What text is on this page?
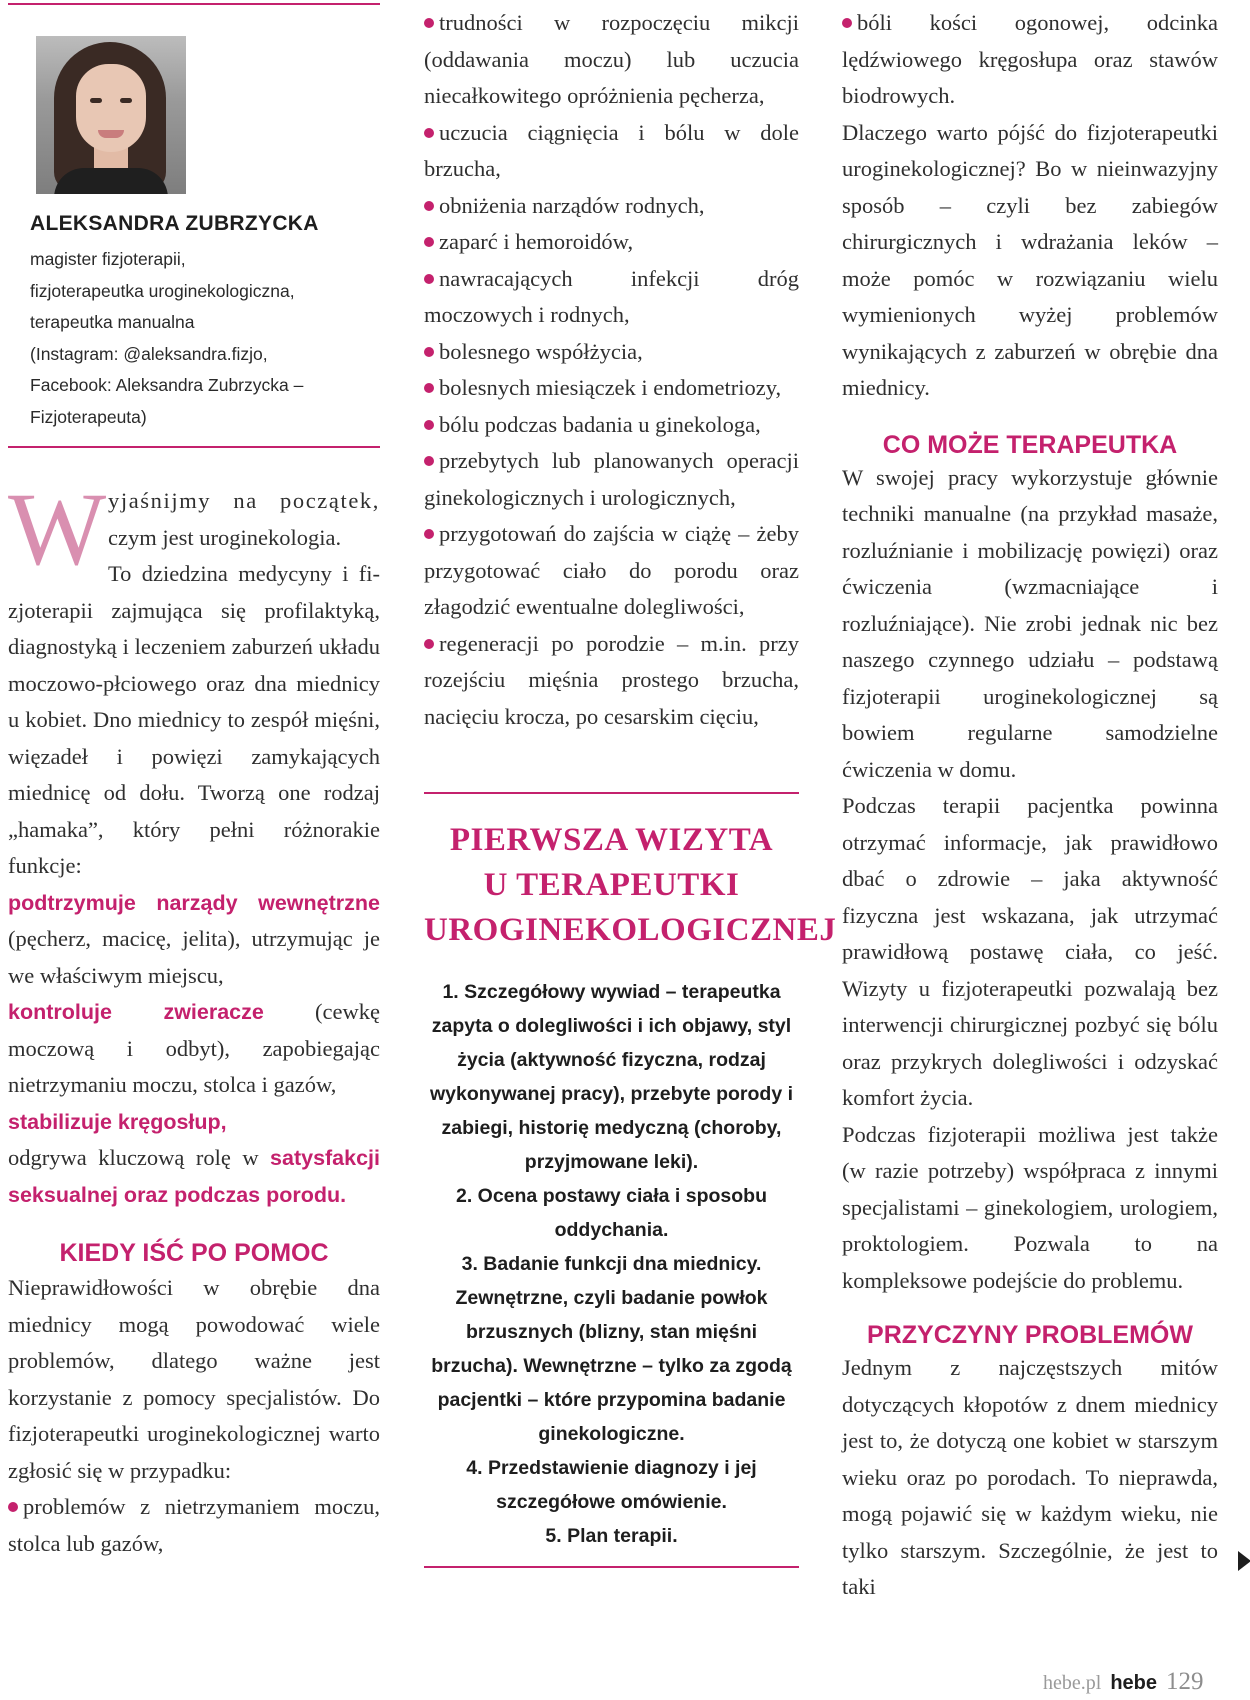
ALEKSANDRA ZUBRZYCKA

magister fizjoterapii,
fizjoterapeutka uroginekologiczna,
terapeutka manualna
(Instagram: @aleksandra.fizjo,
Facebook: Aleksandra Zubrzycka –
Fizjoterapeuta)
W yjaśnijmy na początek,

czym jest uroginekologia.

To dziedzina medycyny i fi-

zjoterapii zajmująca się profilaktyką, diagnostyką i leczeniem zaburzeń układu moczowo-płciowego oraz dna miednicy u kobiet. Dno miednicy to zespół mięśni, więzadeł i powięzi zamykających miednicę od dołu. Tworzą one rodzaj „hamaka”, który pełni różnorakie funkcje:

podtrzymuje narządy wewnętrzne (pęcherz, macicę, jelita), utrzymując je we właściwym miejscu,

kontroluje zwieracze (cewkę moczową i odbyt), zapobiegając nietrzymaniu moczu, stolca i gazów,

stabilizuje kręgosłup,

odgrywa kluczową rolę w satysfakcji seksualnej oraz podczas porodu.

KIEDY IŚĆ PO POMOC

Nieprawidłowości w obrębie dna miednicy mogą powodować wiele problemów, dlatego ważne jest korzystanie z pomocy specjalistów. Do fizjoterapeutki uroginekologicznej warto zgłosić się w przypadku:

problemów z nietrzymaniem moczu, stolca lub gazów,

trudności w rozpoczęciu mikcji (oddawania moczu) lub uczucia niecałkowitego opróżnienia pęcherza,

uczucia ciągnięcia i bólu w dole brzucha,

obniżenia narządów rodnych,

zaparć i hemoroidów,

nawracających infekcji dróg moczowych i rodnych,

bolesnego współżycia,

bolesnych miesiączek i endometriozy,

bólu podczas badania u ginekologa,

przebytych lub planowanych operacji ginekologicznych i urologicznych,

przygotowań do zajścia w ciążę – żeby przygotować ciało do porodu oraz złagodzić ewentualne dolegliwości,

regeneracji po porodzie – m.in. przy rozejściu mięśnia prostego brzucha, nacięciu krocza, po cesarskim cięciu,

PIERWSZA WIZYTA
U TERAPEUTKI
UROGINEKOLOGICZNEJ

1. Szczegółowy wywiad – terapeutka zapyta o dolegliwości i ich objawy, styl życia (aktywność fizyczna, rodzaj wykonywanej pracy), przebyte porody i zabiegi, historię medyczną (choroby, przyjmowane leki).

2. Ocena postawy ciała i sposobu oddychania.

3. Badanie funkcji dna miednicy. Zewnętrzne, czyli badanie powłok brzusznych (blizny, stan mięśni brzucha). Wewnętrzne – tylko za zgodą pacjentki – które przypomina badanie ginekologiczne.

4. Przedstawienie diagnozy i jej szczegółowe omówienie.

5. Plan terapii.

bóli kości ogonowej, odcinka lędźwiowego kręgosłupa oraz stawów biodrowych.

Dlaczego warto pójść do fizjoterapeutki uroginekologicznej? Bo w nieinwazyjny sposób – czyli bez zabiegów chirurgicznych i wdrażania leków – może pomóc w rozwiązaniu wielu wymienionych wyżej problemów wynikających z zaburzeń w obrębie dna miednicy.

CO MOŻE TERAPEUTKA

W swojej pracy wykorzystuje głównie techniki manualne (na przykład masaże, rozluźnianie i mobilizację powięzi) oraz ćwiczenia (wzmacniające i rozluźniające). Nie zrobi jednak nic bez naszego czynnego udziału – podstawą fizjoterapii uroginekologicznej są bowiem regularne samodzielne ćwiczenia w domu.

Podczas terapii pacjentka powinna otrzymać informacje, jak prawidłowo dbać o zdrowie – jaka aktywność fizyczna jest wskazana, jak utrzymać prawidłową postawę ciała, co jeść. Wizyty u fizjoterapeutki pozwalają bez interwencji chirurgicznej pozbyć się bólu oraz przykrych dolegliwości i odzyskać komfort życia.

Podczas fizjoterapii możliwa jest także (w razie potrzeby) współpraca z innymi specjalistami – ginekologiem, urologiem, proktologiem. Pozwala to na kompleksowe podejście do problemu.

PRZYCZYNY PROBLEMÓW

Jednym z najczęstszych mitów dotyczących kłopotów z dnem miednicy jest to, że dotyczą one kobiet w starszym wieku oraz po porodach. To nieprawda, mogą pojawić się w każdym wieku, nie tylko starszym. Szczególnie, że jest to taki

hebe.pl hebe 129
